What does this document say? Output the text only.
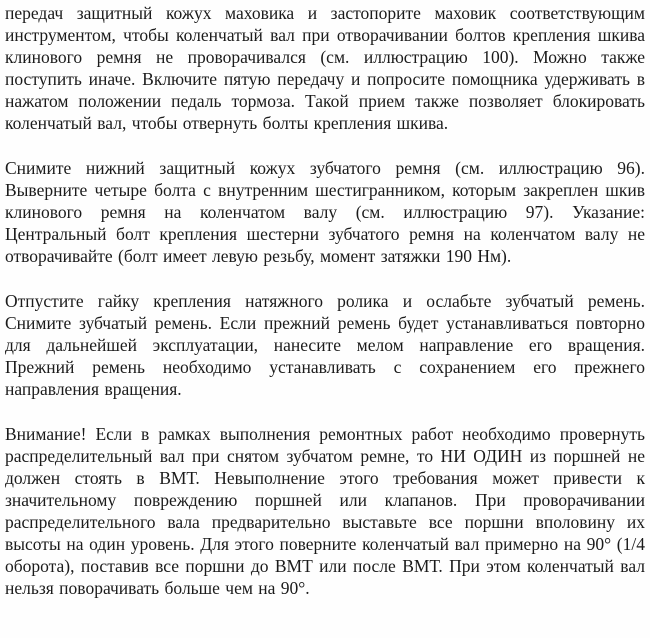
передач защитный кожух маховика и застопорите маховик соответствующим инструментом, чтобы коленчатый вал при отворачивании болтов крепления шкива клинового ремня не проворачивался (см. иллюстрацию 100). Можно также поступить иначе. Включите пятую передачу и попросите помощника удерживать в нажатом положении педаль тормоза. Такой прием также позволяет блокировать коленчатый вал, чтобы отвернуть болты крепления шкива.

Снимите нижний защитный кожух зубчатого ремня (см. иллюстрацию 96). Выверните четыре болта с внутренним шестигранником, которым закреплен шкив клинового ремня на коленчатом валу (см. иллюстрацию 97). Указание: Центральный болт крепления шестерни зубчатого ремня на коленчатом валу не отворачивайте (болт имеет левую резьбу, момент затяжки 190 Нм).

Отпустите гайку крепления натяжного ролика и ослабьте зубчатый ремень. Снимите зубчатый ремень. Если прежний ремень будет устанавливаться повторно для дальнейшей эксплуатации, нанесите мелом направление его вращения. Прежний ремень необходимо устанавливать с сохранением его прежнего направления вращения.

Внимание! Если в рамках выполнения ремонтных работ необходимо провернуть распределительный вал при снятом зубчатом ремне, то НИ ОДИН из поршней не должен стоять в ВМТ. Невыполнение этого требования может привести к значительному повреждению поршней или клапанов. При проворачивании распределительного вала предварительно выставьте все поршни вполовину их высоты на один уровень. Для этого поверните коленчатый вал примерно на 90° (1/4 оборота), поставив все поршни до ВМТ или после ВМТ. При этом коленчатый вал нельзя поворачивать больше чем на 90°.
